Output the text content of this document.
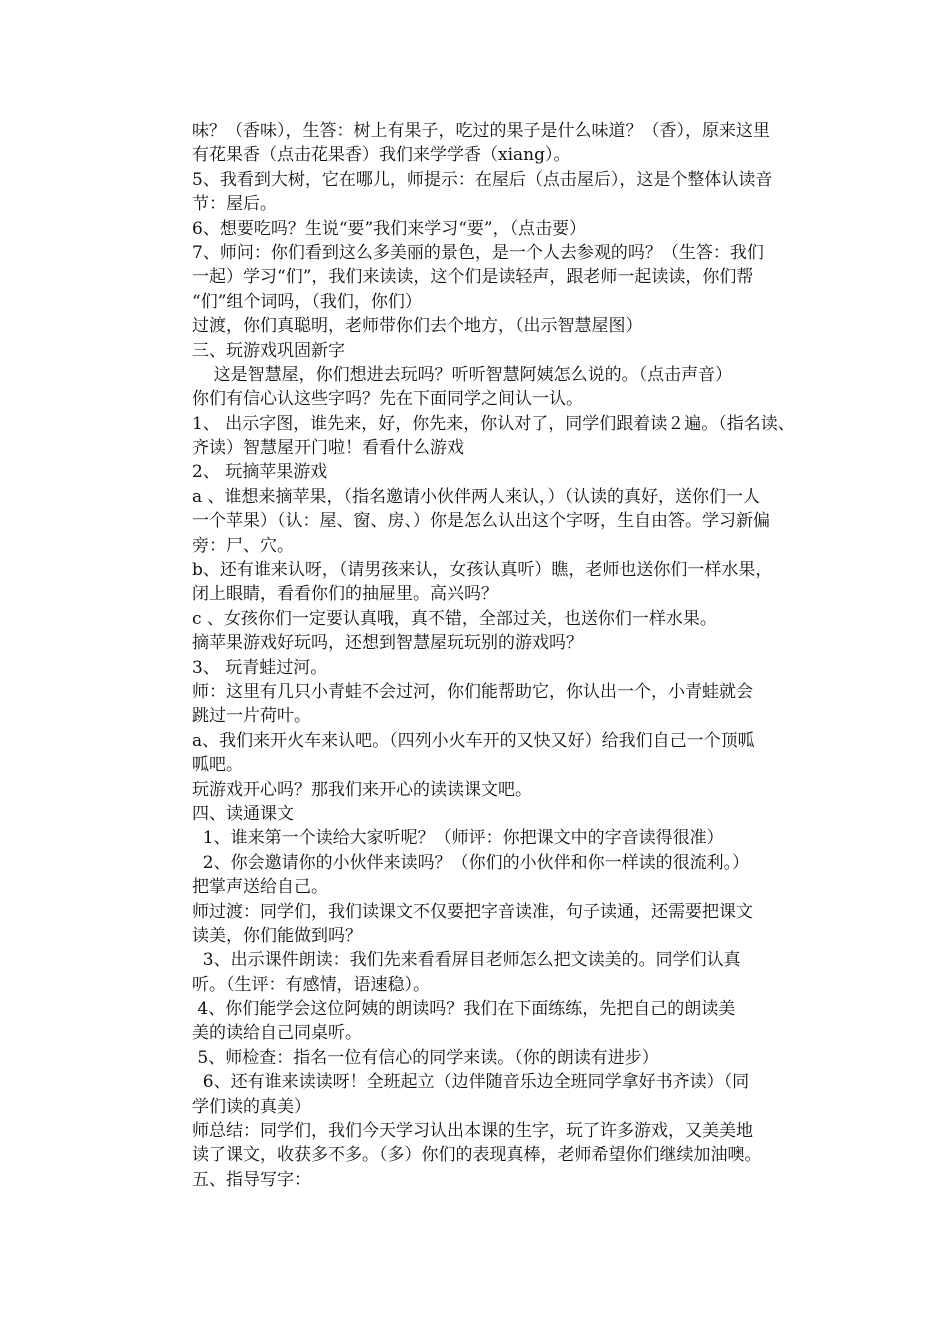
味？（香味），生答：树上有果子，吃过的果子是什么味道？（香），原来这里
有花果香（点击花果香）我们来学学香（xiang）。
5、我看到大树，它在哪儿，师提示：在屋后（点击屋后），这是个整体认读音
节：屋后。
6、想要吃吗？生说“要”我们来学习“要”，（点击要）
7、师问：你们看到这么多美丽的景色，是一个人去参观的吗？（生答：我们
一起）学习“们”，我们来读读，这个们是读轻声，跟老师一起读读，你们帮
“们”组个词吗，（我们，你们）
过渡，你们真聪明，老师带你们去个地方，（出示智慧屋图）
三、玩游戏巩固新字
这是智慧屋，你们想进去玩吗？听听智慧阿姨怎么说的。（点击声音）
你们有信心认这些字吗？先在下面同学之间认一认。
1、 出示字图，谁先来，好，你先来，你认对了，同学们跟着读２遍。（指名读、
齐读）智慧屋开门啦！看看什么游戏
2、 玩摘苹果游戏
a 、谁想来摘苹果，（指名邀请小伙伴两人来认，）（认读的真好，送你们一人
一个苹果）（认：屋、窗、房、）你是怎么认出这个字呀，生自由答。学习新偏
旁：尸、穴。
b、还有谁来认呀，（请男孩来认，女孩认真听）瞧，老师也送你们一样水果，
闭上眼睛，看看你们的抽屉里。高兴吗？
c 、女孩你们一定要认真哦，真不错，全部过关，也送你们一样水果。
摘苹果游戏好玩吗，还想到智慧屋玩玩别的游戏吗？
3、 玩青蛙过河。
师：这里有几只小青蛙不会过河，你们能帮助它，你认出一个，小青蛙就会
跳过一片荷叶。
a、我们来开火车来认吧。（四列小火车开的又快又好）给我们自己一个顶呱
呱吧。
玩游戏开心吗？那我们来开心的读读课文吧。
四、读通课文
1、谁来第一个读给大家听呢？（师评：你把课文中的字音读得很准）
2、你会邀请你的小伙伴来读吗？（你们的小伙伴和你一样读的很流利。）
把掌声送给自己。
师过渡：同学们，我们读课文不仅要把字音读准，句子读通，还需要把课文
读美，你们能做到吗？
3、出示课件朗读：我们先来看看屏目老师怎么把文读美的。同学们认真
听。（生评：有感情，语速稳）。
4、你们能学会这位阿姨的朗读吗？我们在下面练练，先把自己的朗读美
美的读给自己同桌听。
5、师检查：指名一位有信心的同学来读。（你的朗读有进步）
6、还有谁来读读呀！全班起立（边伴随音乐边全班同学拿好书齐读）（同
学们读的真美）
师总结：同学们，我们今天学习认出本课的生字，玩了许多游戏，又美美地
读了课文，收获多不多。（多）你们的表现真棒，老师希望你们继续加油噢。
五、指导写字：
